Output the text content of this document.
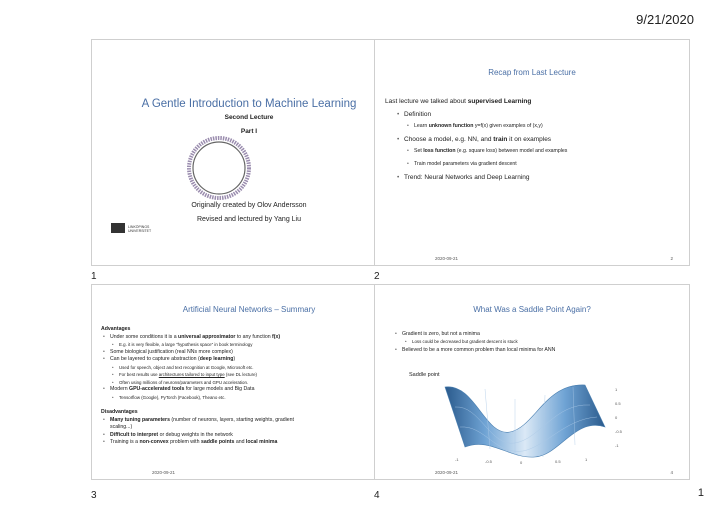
9/21/2020
A Gentle Introduction to Machine Learning
Second Lecture
Part I
Originally created by Olov Andersson
Revised and lectured by Yang Liu
LINKÖPINGS UNIVERSITET
1
Recap from Last Lecture
Last lecture we talked about supervised Learning
• Definition
• Learn unknown function y=f(x) given examples of (x,y)
• Choose a model, e.g. NN, and train it on examples
• Set loss function (e.g. square loss) between model and examples
• Train model parameters via gradient descent
• Trend: Neural Networks and Deep Learning
2020-09-21	2
2
Artificial Neural Networks – Summary
Advantages
• Under some conditions it is a universal approximator to any function f(x)
• E.g. it is very flexible, a large "hypothesis space" in book terminology
• Some biological justification (real NNs more complex)
• Can be layered to capture abstraction (deep learning)
• Used for speech, object and text recognition at Google, Microsoft etc.
• For best results use architectures tailored to input type (see DL lecture)
• Often using millions of neurons/parameters and GPU acceleration.
• Modern GPU-accelerated tools for large models and Big Data
• Tensorflow (Google), PyTorch (Facebook), Theano etc.
Disadvantages
• Many tuning parameters (number of neurons, layers, starting weights, gradient scaling...)
• Difficult to interpret or debug weights in the network
• Training is a non-convex problem with saddle points and local minima
2020-09-21
3
What Was a Saddle Point Again?
• Gradient is zero, but not a minima
• Loss could be decreased but gradient descent is stuck
• Believed to be a more common problem than local minima for ANN
Saddle point
1
0.5
0
-0.5
-1
-1	-0.5	0	0.5	1
2020-09-21	4
4	1
